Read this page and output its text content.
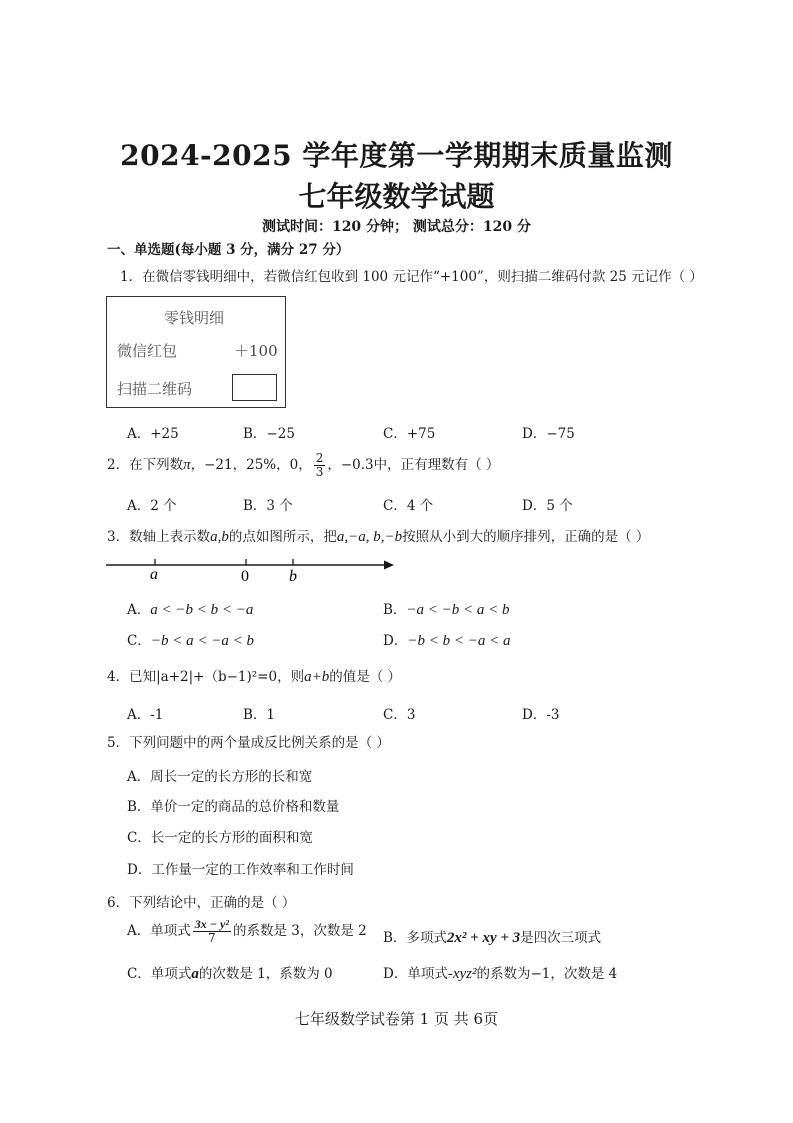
2024-2025 学年度第一学期期末质量监测
七年级数学试题
测试时间：120 分钟； 测试总分：120 分
一、单选题(每小题 3 分，满分 27 分）
1．在微信零钱明细中，若微信红包收到 100 元记作“+100”，则扫描二维码付款 25 元记作（ ）
零钱明细
微信红包	＋100
扫描二维码
A．+25	B．−25	C．+75	D．−75
2．在下列数π，−21，25%，0， $\frac{2}{3}$ ，−0.3中，正有理数有（ ）
A．2 个	B．3 个	C．4 个	D．5 个
3．数轴上表示数a,b的点如图所示，把a,−a, b,−b按照从小到大的顺序排列，正确的是（ ）
a	0	b
A．a < −b < b < −a	B．−a < −b < a < b
C．−b < a < −a < b	D．−b < b < −a < a
4．已知|a+2|+（b−1)²=0，则a+b的值是（ ）
A．-1	B．1	C．3	D．-3
5．下列问题中的两个量成反比例关系的是（ ）
A．周长一定的长方形的长和宽
B．单价一定的商品的总价格和数量
C．长一定的长方形的面积和宽
D．工作量一定的工作效率和工作时间
6．下列结论中，正确的是（ ）
A．单项式 $\frac{\text{3x − y²}}{7}$ 的系数是 3，次数是 2 B．多项式2x² + xy + 3是四次三项式
C．单项式a的次数是 1，系数为 0	D．单项式-xyz²的系数为−1，次数是 4
七年级数学试卷第 1 页 共 6页
